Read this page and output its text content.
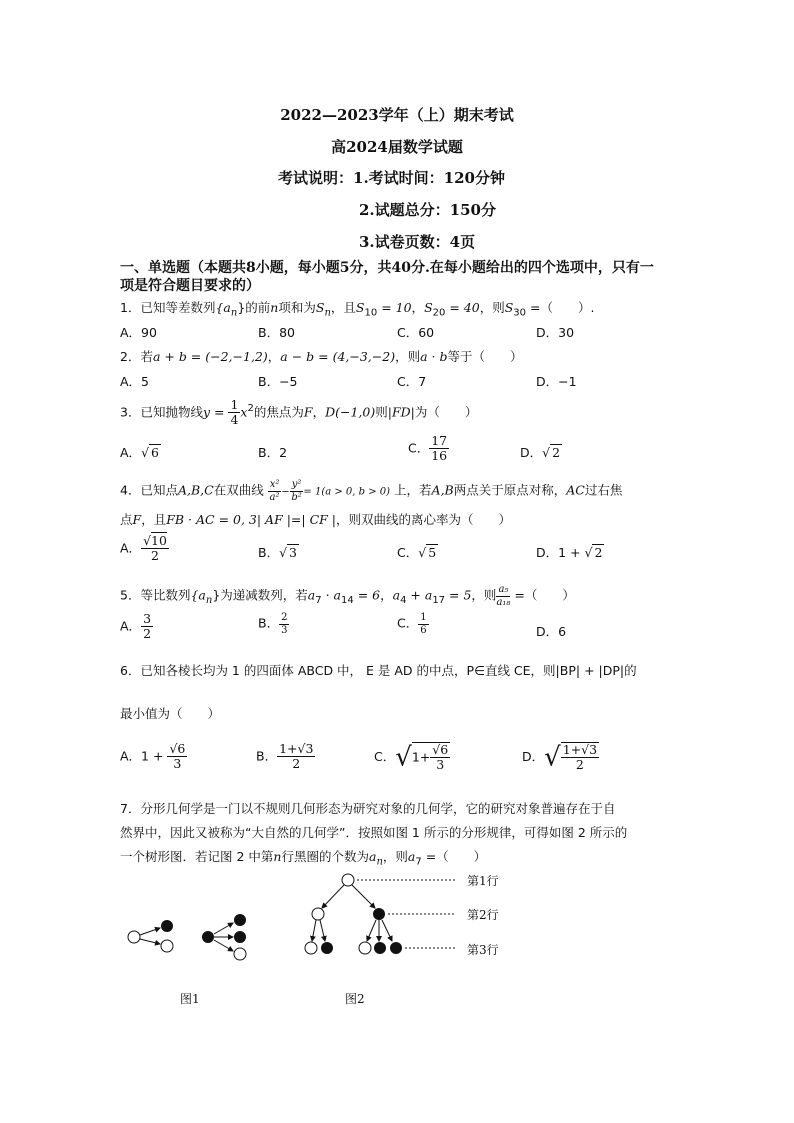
2022—2023学年（上）期末考试
高2024届数学试题
考试说明：1.考试时间：120分钟
2.试题总分：150分
3.试卷页数：4页
一、单选题（本题共8小题，每小题5分，共40分.在每小题给出的四个选项中，只有一
项是符合题目要求的）
1．已知等差数列$\{a_n\}$的前n项和为$S_n$，且$S_{10} = 10$，$S_{20} = 40$，则$S_{30}$ =（　　）.
A．90	B．80	C．60	D．30
2．若a + b = (−2,−1,2)，a − b = (4,−3,−2)，则a · b等于（　　）
A．5	B．−5	C．7	D．−1
3．已知抛物线$y = \frac{1}{4} x^2$的焦点为F，D(−1,0)则|FD|为（　　）
A．√ 6	B．2	C． $\frac{17}{16}$	D．√ 2
4．已知点A,B,C在双曲线 $\frac{\text{x²}}{\text{a²}} - \frac{\text{y²}}{\text{b²}} = 1(a > 0$, b > 0) 上，若A,B两点关于原点对称，AC过右焦
点F，且FB · AC = 0, 3| AF |=| CF |，则双曲线的离心率为（　　）
A． $\frac{√10}{2}$	B．√ 3	C．√ 5	D．1 + √ 2
5．等比数列$\{a_n\}$为递减数列，若$a_7 \cdot a_{14} = 6$，$a_4 + a_{17} = 5$，则 $\frac{\text{a₅}}{\text{a₁₈}}$ =（　　）
A． $\frac{3}{2}$	B． $\frac{2}{3}$	C． $\frac{1}{6}$	D．6
6．已知各棱长均为 1 的四面体 ABCD 中， E 是 AD 的中点，P∈直线 CE，则|BP| + |DP|的
最小值为（　　）
A．$1 + \frac{√6}{3}$	B． $\frac{1+√3}{2}$	C．$√1+ \frac{√6}{3}$	D．√ $\frac{1+√3}{2}$
7．分形几何学是一门以不规则几何形态为研究对象的几何学，它的研究对象普遍存在于自
然界中，因此又被称为“大自然的几何学”．按照如图 1 所示的分形规律，可得如图 2 所示的
一个树形图．若记图 2 中第n行黑圈的个数为$a_n$，则$a_7$ =（　　）
第1行
第2行
第3行
图1	图2
